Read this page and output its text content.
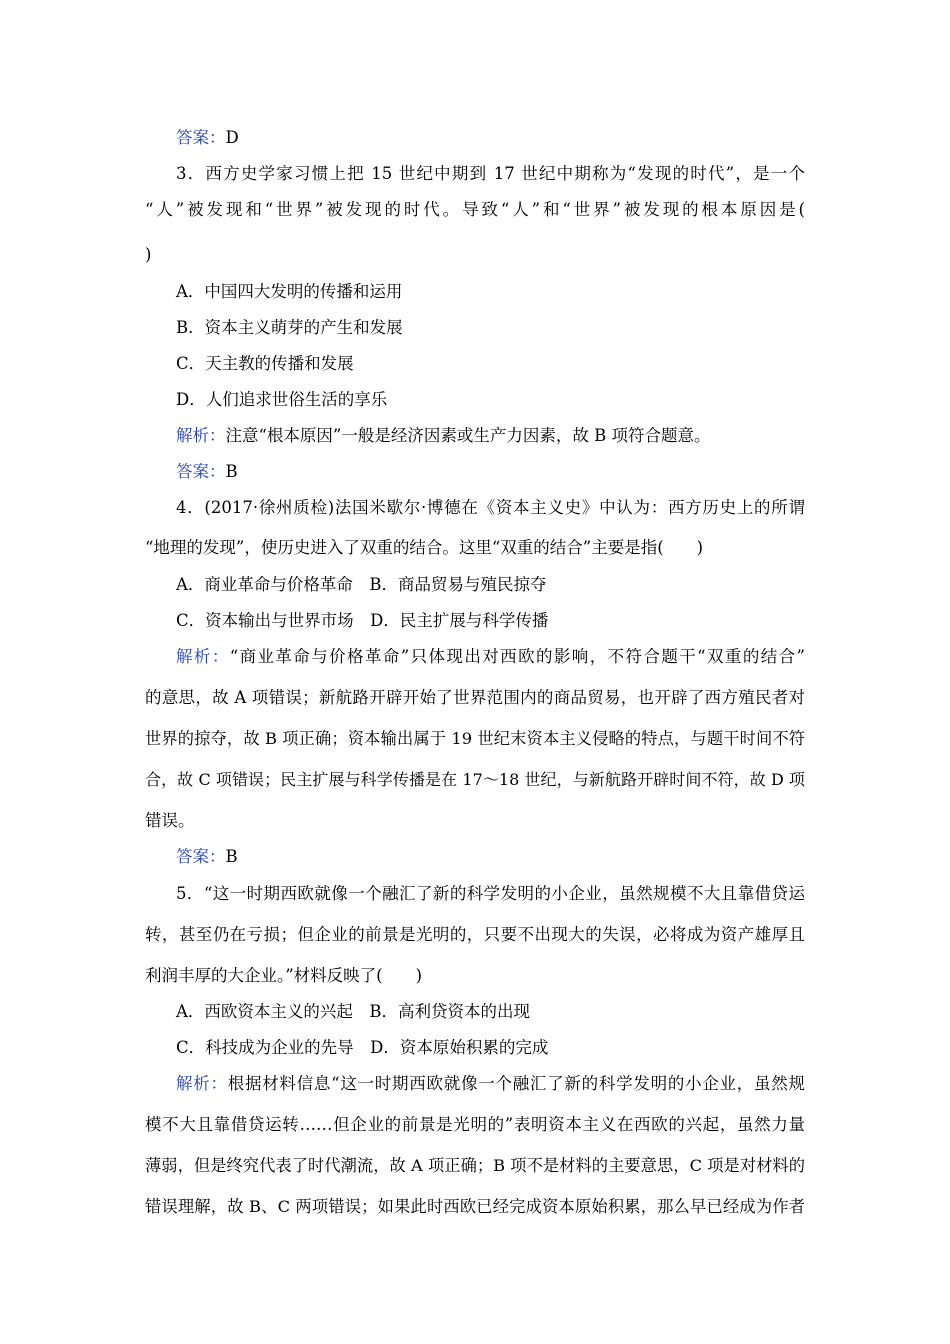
答案：D
3．西方史学家习惯上把 15 世纪中期到 17 世纪中期称为“发现的时代”，是一个
“人”被发现和“世界”被发现的时代。导致“人”和“世界”被发现的根本原因是(
)
A．中国四大发明的传播和运用
B．资本主义萌芽的产生和发展
C．天主教的传播和发展
D．人们追求世俗生活的享乐
解析：注意“根本原因”一般是经济因素或生产力因素，故 B 项符合题意。
答案：B
4．(2017·徐州质检)法国米歇尔·博德在《资本主义史》中认为：西方历史上的所谓
“地理的发现”，使历史进入了双重的结合。这里“双重的结合”主要是指(　　)
A．商业革命与价格革命　B．商品贸易与殖民掠夺
C．资本输出与世界市场　D．民主扩展与科学传播
解析：“商业革命与价格革命”只体现出对西欧的影响，不符合题干“双重的结合”
的意思，故 A 项错误；新航路开辟开始了世界范围内的商品贸易，也开辟了西方殖民者对
世界的掠夺，故 B 项正确；资本输出属于 19 世纪末资本主义侵略的特点，与题干时间不符
合，故 C 项错误；民主扩展与科学传播是在 17～18 世纪，与新航路开辟时间不符，故 D 项
错误。
答案：B
5．“这一时期西欧就像一个融汇了新的科学发明的小企业，虽然规模不大且靠借贷运
转，甚至仍在亏损；但企业的前景是光明的，只要不出现大的失误，必将成为资产雄厚且
利润丰厚的大企业。”材料反映了(　　)
A．西欧资本主义的兴起　B．高利贷资本的出现
C．科技成为企业的先导　D．资本原始积累的完成
解析：根据材料信息“这一时期西欧就像一个融汇了新的科学发明的小企业，虽然规
模不大且靠借贷运转……但企业的前景是光明的”表明资本主义在西欧的兴起，虽然力量
薄弱，但是终究代表了时代潮流，故 A 项正确；B 项不是材料的主要意思，C 项是对材料的
错误理解，故 B、C 两项错误；如果此时西欧已经完成资本原始积累，那么早已经成为作者
